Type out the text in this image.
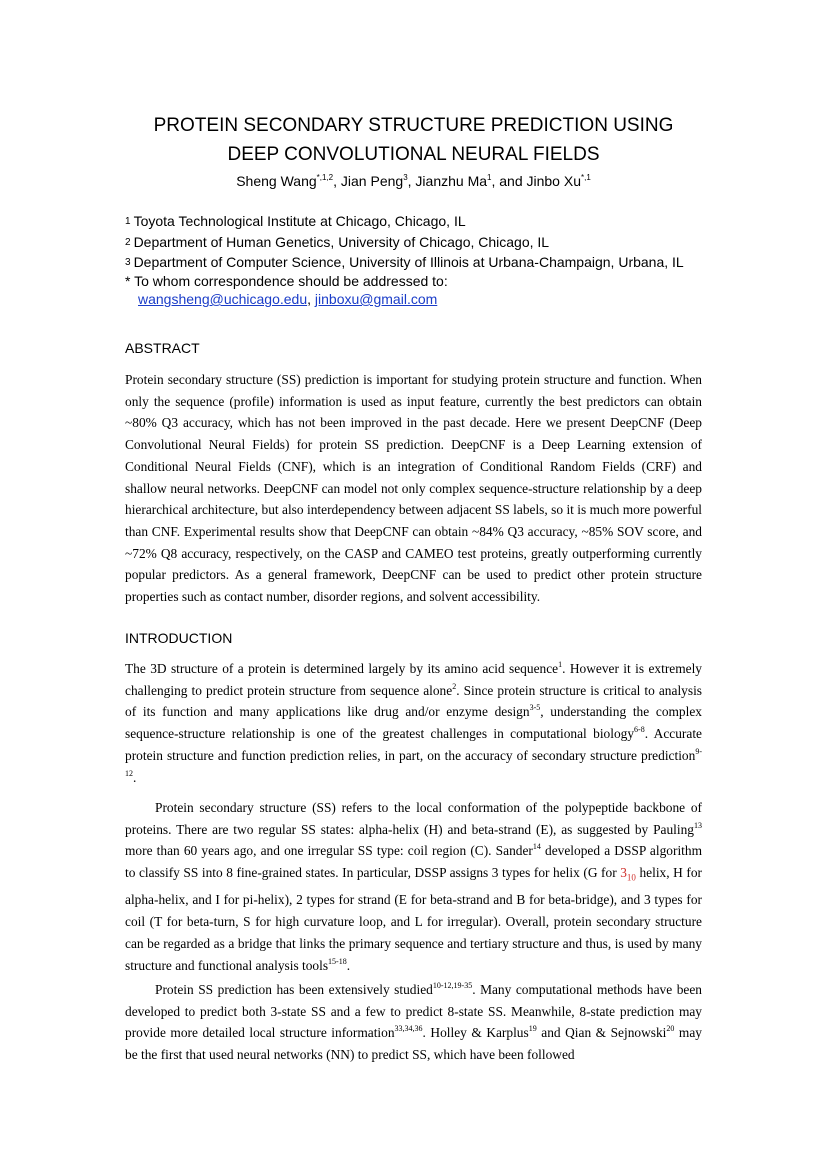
PROTEIN SECONDARY STRUCTURE PREDICTION USING
DEEP CONVOLUTIONAL NEURAL FIELDS
Sheng Wang$^{*,1,2}$, Jian Peng$^3$, Jianzhu Ma$^1$, and Jinbo $Xu^{*,1}$
$^1$ Toyota Technological Institute at Chicago, Chicago, IL
$^2$ Department of Human Genetics, University of Chicago, Chicago, IL
$^3$ Department of Computer Science, University of Illinois at Urbana-Champaign, Urbana, IL
* To whom correspondence should be addressed to:
wangsheng@uchicago.edu, jinboxu@gmail.com
ABSTRACT

Protein secondary structure (SS) prediction is important for studying protein structure and function. When only the sequence (profile) information is used as input feature, currently the best predictors can obtain ~80% Q3 accuracy, which has not been improved in the past decade. Here we present DeepCNF (Deep Convolutional Neural Fields) for protein SS prediction. DeepCNF is a Deep Learning extension of Conditional Neural Fields (CNF), which is an integration of Conditional Random Fields (CRF) and shallow neural networks. DeepCNF can model not only complex sequence-structure relationship by a deep hierarchical architecture, but also interdependency between adjacent SS labels, so it is much more powerful than CNF. Experimental results show that DeepCNF can obtain ~84% Q3 accuracy, ~85% SOV score, and ~72% Q8 accuracy, respectively, on the CASP and CAMEO test proteins, greatly outperforming currently popular predictors. As a general framework, DeepCNF can be used to predict other protein structure properties such as contact number, disorder regions, and solvent accessibility.

INTRODUCTION

The 3D structure of a protein is determined largely by its amino acid sequence$^1$. However it is extremely challenging to predict protein structure from sequence alone$^2$. Since protein structure is critical to analysis of its function and many applications like drug and/or enzyme design$^{3-5}$, understanding the complex sequence-structure relationship is one of the greatest challenges in computational biology$^{6-8}$. Accurate protein structure and function prediction relies, in part, on the accuracy of secondary structure prediction$^{9-12}$.

Protein secondary structure (SS) refers to the local conformation of the polypeptide backbone of proteins. There are two regular SS states: alpha-helix (H) and beta-strand (E), as suggested by Pauling$^{13}$ more than 60 years ago, and one irregular SS type: coil region (C). Sander$^{14}$ developed a DSSP algorithm to classify SS into 8 fine-grained states. In particular, DSSP assigns 3 types for helix (G for $3_{10}$ helix, H for alpha-helix, and I for pi-helix), 2 types for strand (E for beta-strand and B for beta-bridge), and 3 types for coil (T for beta-turn, S for high curvature loop, and L for irregular). Overall, protein secondary structure can be regarded as a bridge that links the primary sequence and tertiary structure and thus, is used by many structure and functional analysis tools$^{15-18}$.

Protein SS prediction has been extensively studied$^{10-12,19-35}$. Many computational methods have been developed to predict both 3-state SS and a few to predict 8-state SS. Meanwhile, 8-state prediction may provide more detailed local structure information$^{33,34,36}$. Holley & Karplus$^{19}$ and Qian & Sejnowski$^{20}$ may be the first that used neural networks (NN) to predict SS, which have been followed
